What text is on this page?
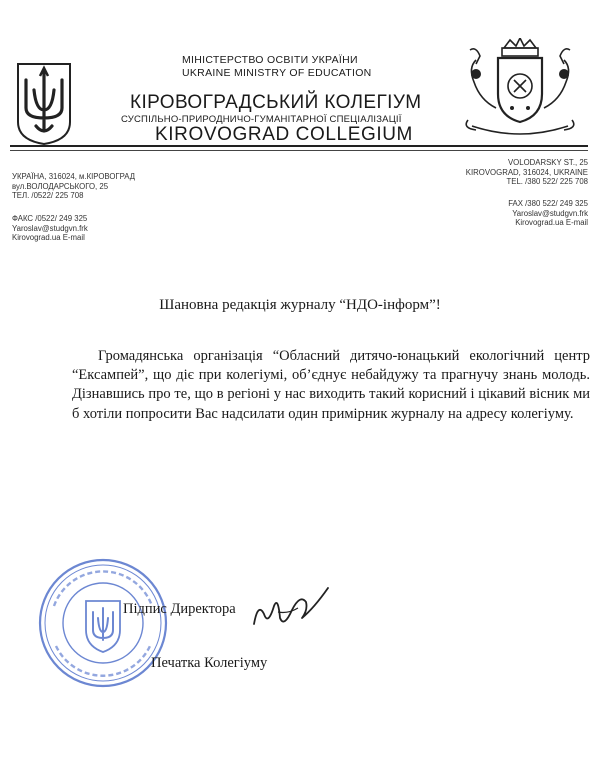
МІНІСТЕРСТВО ОСВІТИ УКРАЇНИ
UKRAINE MINISTRY OF EDUCATION
КІРОВОГРАДСЬКИЙ КОЛЕГІУМ
СУСПІЛЬНО-ПРИРОДНИЧО-ГУМАНІТАРНОЇ СПЕЦІАЛІЗАЦІЇ
KIROVOGRAD COLLEGIUM
УКРАЇНА, 316024, м.КІРОВОГРАД
вул.ВОЛОДАРСЬКОГО, 25
ТЕЛ. /0522/ 225 708
ФАКС /0522/ 249 325
Yaroslav@studgvn.frk
Kirovograd.ua E-mail
VOLODARSKY ST., 25
KIROVOGRAD, 316024, UKRAINE
TEL. /380 522/ 225 708
FAX /380 522/ 249 325
Yaroslav@studgvn.frk
Kirovograd.ua E-mail
Шановна редакція журналу “НДО-інформ”!
Громадянська організація “Обласний дитячо-юнацький екологічний центр “Ексампей”, що діє при колегіумі, об’єднує небайдужу та прагнучу знань молодь. Дізнавшись про те, що в регіоні у нас виходить такий корисний і цікавий вісник ми б хотіли попросити Вас надсилати один примірник журналу на адресу колегіуму.
Підпис Директора
Печатка Колегіуму
